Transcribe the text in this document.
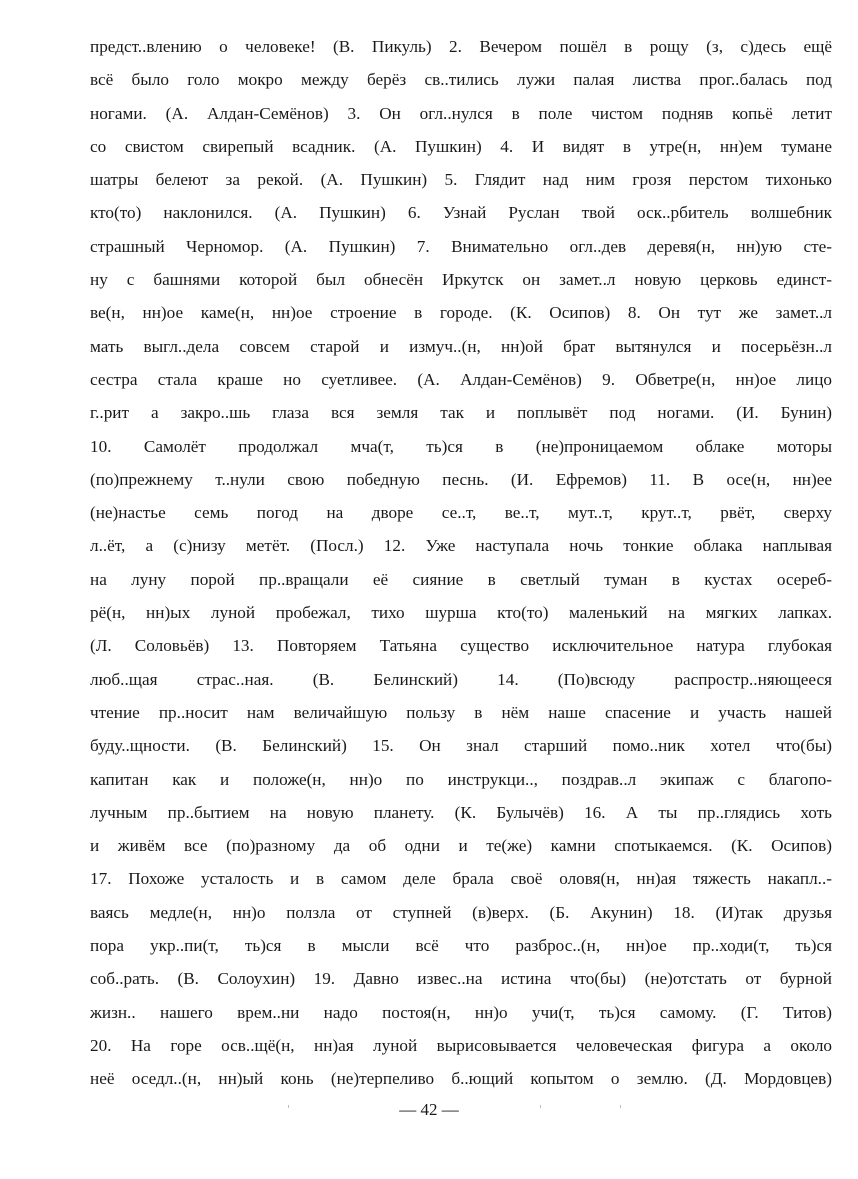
предст..влению о человеке! (В. Пикуль) 2. Вечером пошёл в рощу (з, с)десь ещё
всё было голо мокро между берёз св..тились лужи палая листва прог..балась под
ногами. (А. Алдан-Семёнов) 3. Он огл..нулся в поле чистом подняв копьё летит
со свистом свирепый всадник. (А. Пушкин) 4. И видят в утре(н, нн)ем тумане
шатры белеют за рекой. (А. Пушкин) 5. Глядит над ним грозя перстом тихонько
кто(то) наклонился. (А. Пушкин) 6. Узнай Руслан твой оск..рбитель волшебник
страшный Черномор. (А. Пушкин) 7. Внимательно огл..дев деревя(н, нн)ую сте-
ну с башнями которой был обнесён Иркутск он замет..л новую церковь единст-
ве(н, нн)ое каме(н, нн)ое строение в городе. (К. Осипов) 8. Он тут же замет..л
мать выгл..дела совсем старой и измуч..(н, нн)ой брат вытянулся и посерьёзн..л
сестра стала краше но суетливее. (А. Алдан-Семёнов) 9. Обветре(н, нн)ое лицо
г..рит а закро..шь глаза вся земля так и поплывёт под ногами. (И. Бунин)
10. Самолёт продолжал мча(т, ть)ся в (не)проницаемом облаке моторы
(по)прежнему т..нули свою победную песнь. (И. Ефремов) 11. В осе(н, нн)ее
(не)настье семь погод на дворе се..т, ве..т, мут..т, крут..т, рвёт, сверху
л..ёт, а (с)низу метёт. (Посл.) 12. Уже наступала ночь тонкие облака наплывая
на луну порой пр..вращали её сияние в светлый туман в кустах осереб-
рё(н, нн)ых луной пробежал, тихо шурша кто(то) маленький на мягких лапках.
(Л. Соловьёв) 13. Повторяем Татьяна существо исключительное натура глубокая
люб..щая страс..ная. (В. Белинский) 14. (По)всюду распростр..няющееся
чтение пр..носит нам величайшую пользу в нём наше спасение и участь нашей
буду..щности. (В. Белинский) 15. Он знал старший помо..ник хотел что(бы)
капитан как и положе(н, нн)о по инструкци.., поздрав..л экипаж с благопо-
лучным пр..бытием на новую планету. (К. Булычёв) 16. А ты пр..глядись хоть
и живём все (по)разному да об одни и те(же) камни спотыкаемся. (К. Осипов)
17. Похоже усталость и в самом деле брала своё оловя(н, нн)ая тяжесть накапл..-
ваясь медле(н, нн)о ползла от ступней (в)верх. (Б. Акунин) 18. (И)так друзья
пора укр..пи(т, ть)ся в мысли всё что разброс..(н, нн)ое пр..ходи(т, ть)ся
соб..рать. (В. Солоухин) 19. Давно извес..на истина что(бы) (не)отстать от бурной
жизн.. нашего врем..ни надо постоя(н, нн)о учи(т, ть)ся самому. (Г. Титов)
20. На горе осв..щё(н, нн)ая луной вырисовывается человеческая фигура а около
неё оседл..(н, нн)ый конь (не)терпеливо б..ющий копытом о землю. (Д. Мордовцев)
— 42 —
